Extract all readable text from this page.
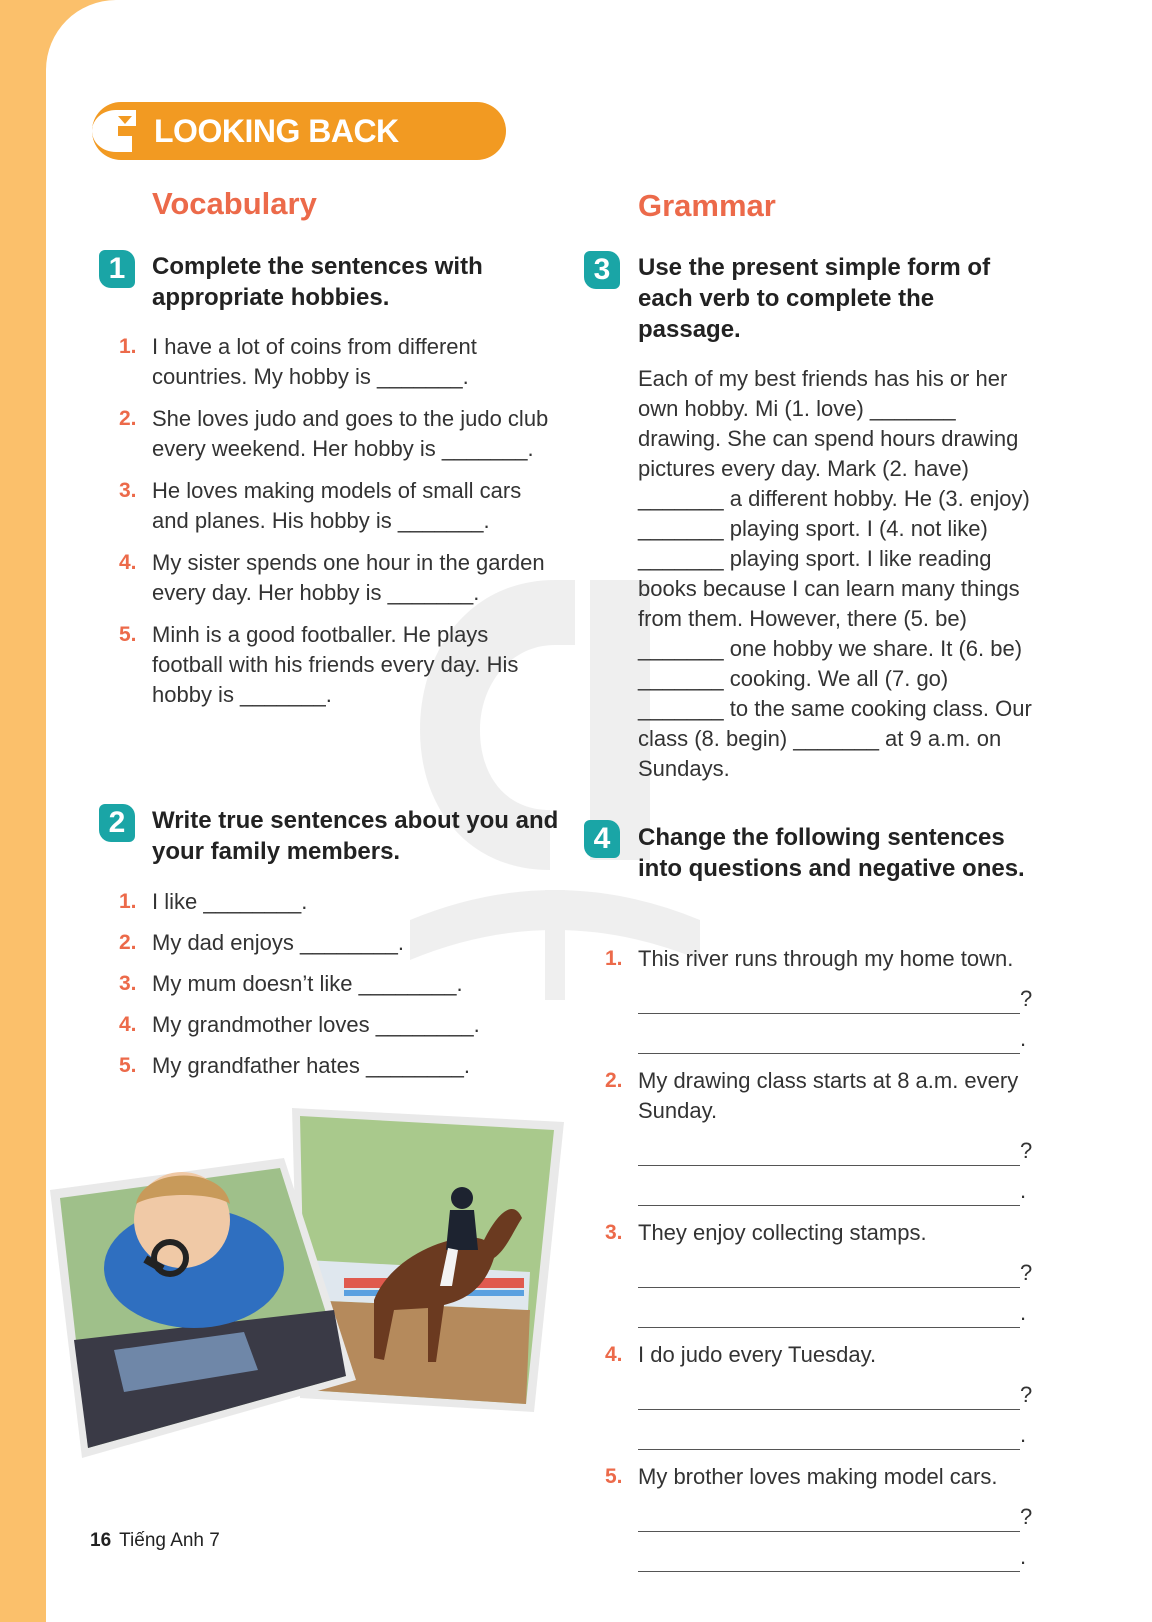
LOOKING BACK
Vocabulary
1	Complete the sentences with appropriate hobbies.
1. I have a lot of coins from different countries. My hobby is _______.
2. She loves judo and goes to the judo club every weekend. Her hobby is _______.
3. He loves making models of small cars and planes. His hobby is _______.
4. My sister spends one hour in the garden every day. Her hobby is _______.
5. Minh is a good footballer. He plays football with his friends every day. His hobby is _______.
2	Write true sentences about you and your family members.
1. I like ________.
2. My dad enjoys ________.
3. My mum doesn’t like ________.
4. My grandmother loves ________.
5. My grandfather hates ________.
Grammar
3	Use the present simple form of each verb to complete the passage.
Each of my best friends has his or her own hobby. Mi (1. love) _______ drawing. She can spend hours drawing pictures every day. Mark (2. have) _______ a different hobby. He (3. enjoy) _______ playing sport. I (4. not like) _______ playing sport. I like reading books because I can learn many things from them. However, there (5. be) _______ one hobby we share. It (6. be) _______ cooking. We all (7. go) _______ to the same cooking class. Our class (8. begin) _______ at 9 a.m. on Sundays.
4	Change the following sentences into questions and negative ones.
1. This river runs through my home town.
?
.
2. My drawing class starts at 8 a.m. every Sunday.
?
.
3. They enjoy collecting stamps.
?
.
4. I do judo every Tuesday.
?
.
5. My brother loves making model cars.
?
.
16 Tiếng Anh 7
